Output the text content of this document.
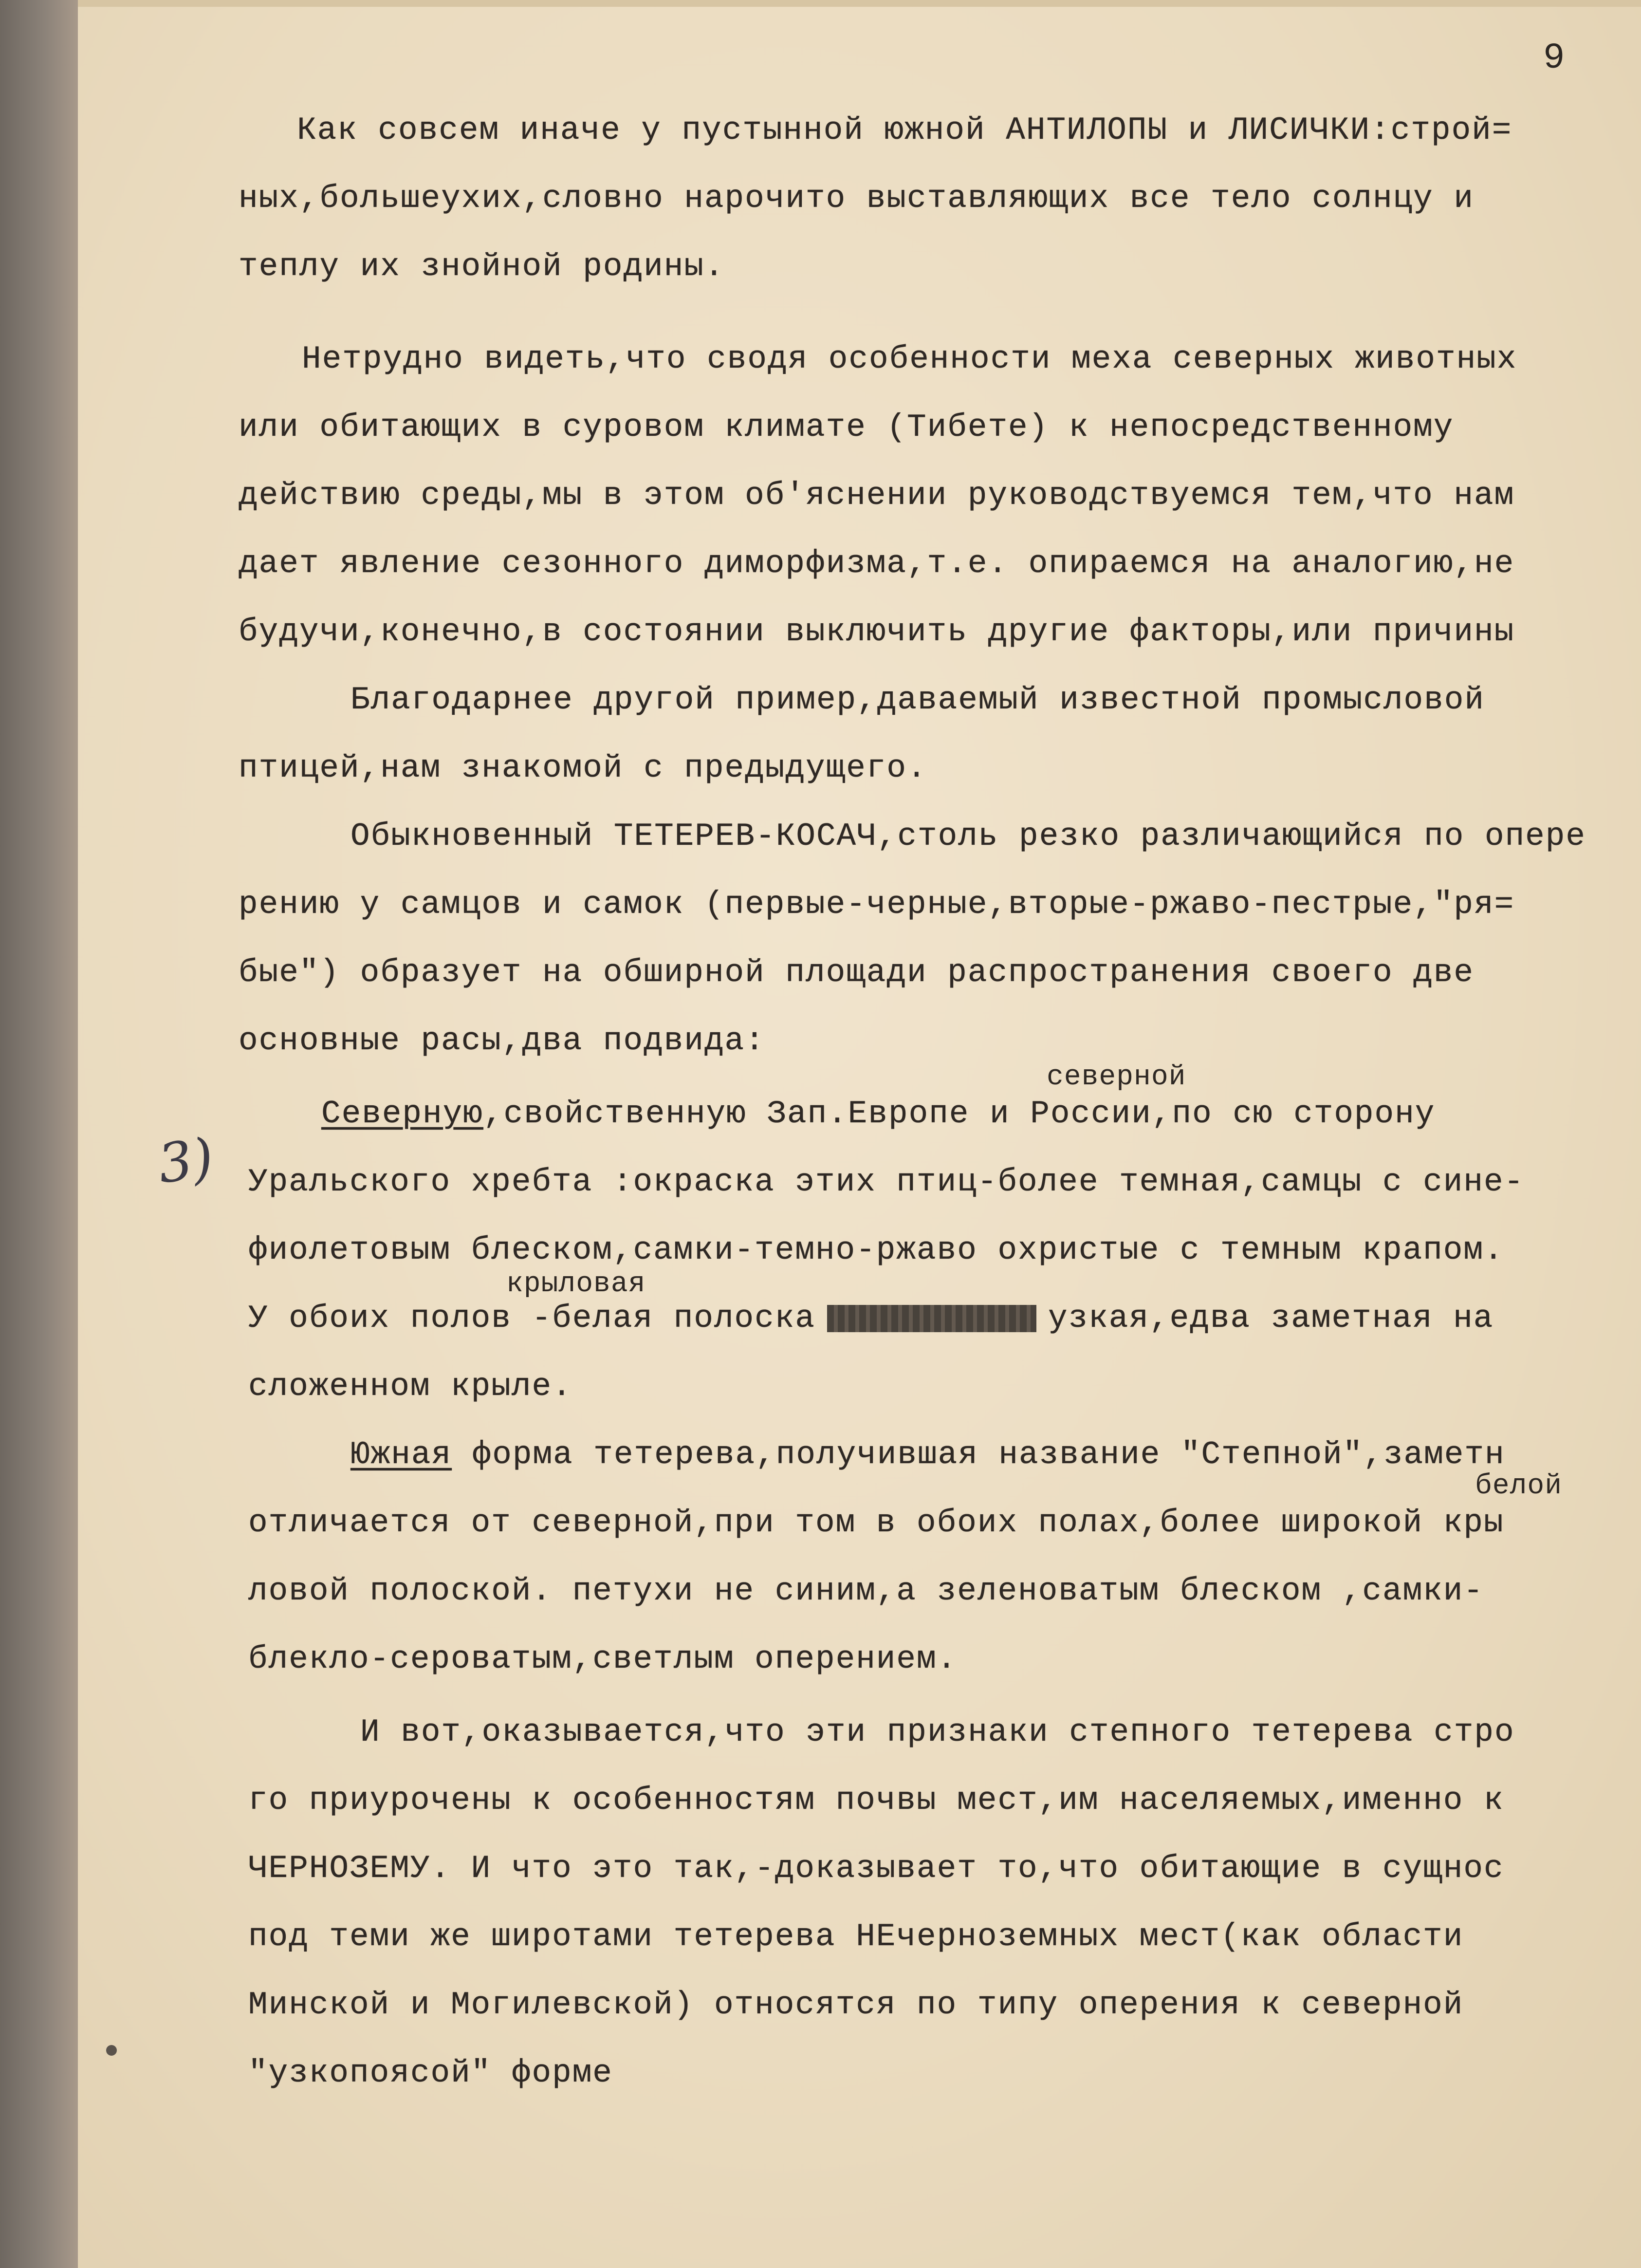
9
3)
Как совсем иначе у пустынной южной АНТИЛОПЫ и ЛИСИЧКИ:строй=
ных,большеухих,словно нарочито выставляющих все тело солнцу и
теплу их знойной родины.
Нетрудно видеть,что сводя особенности меха северных животных
или обитающих в суровом климате (Тибете) к непосредственному
действию среды,мы в этом об'яснении руководствуемся тем,что нам
дает явление сезонного диморфизма,т.е. опираемся на аналогию,не
будучи,конечно,в состоянии выключить другие факторы,или причины
Благодарнее другой пример,даваемый известной промысловой
птицей,нам знакомой с предыдущего.
Обыкновенный ТЕТЕРЕВ-КОСАЧ,столь резко различающийся по опере
рению у самцов и самок (первые-черные,вторые-ржаво-пестрые,"ря=
бые") образует на обширной площади распространения своего две
основные расы,два подвида:
северной
Северную,свойственную Зап.Европе и России,по сю сторону
Уральского хребта :окраска этих птиц-более темная,самцы с сине-
фиолетовым блеском,самки-темно-ржаво охристые с темным крапом.
крыловая
У обоих полов -белая полоска	узкая,едва заметная на
сложенном крыле.
Южная форма тетерева,получившая название "Степной",заметн
белой
отличается от северной,при том в обоих полах,более широкой кры
ловой полоской. петухи не синим,а зеленоватым блеском ,самки-
блекло-сероватым,светлым оперением.
И вот,оказывается,что эти признаки степного тетерева стро
го приурочены к особенностям почвы мест,им населяемых,именно к
ЧЕРНОЗЕМУ. И что это так,-доказывает то,что обитающие в сущнос
под теми же широтами тетерева НЕчерноземных мест(как области
Минской и Могилевской) относятся по типу оперения к северной
"узкопоясой" форме
